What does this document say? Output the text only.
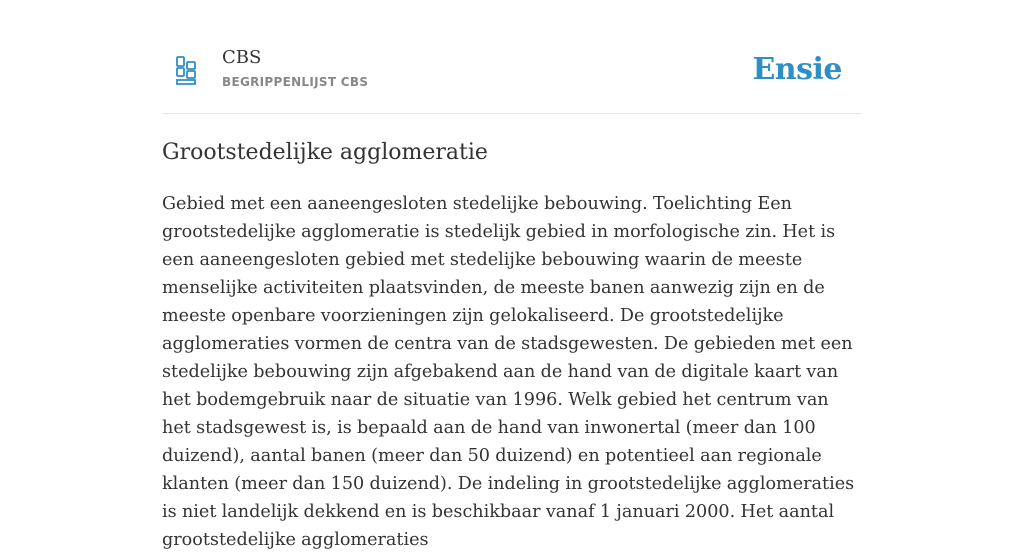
CBS
BEGRIPPENLIJST CBS	Ensie
Grootstedelijke agglomeratie

Gebied met een aaneengesloten stedelijke bebouwing. Toelichting Een grootstedelijke agglomeratie is stedelijk gebied in morfologische zin. Het is een aaneengesloten gebied met stedelijke bebouwing waarin de meeste menselijke activiteiten plaatsvinden, de meeste banen aanwezig zijn en de meeste openbare voorzieningen zijn gelokaliseerd. De grootstedelijke agglomeraties vormen de centra van de stadsgewesten. De gebieden met een stedelijke bebouwing zijn afgebakend aan de hand van de digitale kaart van het bodemgebruik naar de situatie van 1996. Welk gebied het centrum van het stadsgewest is, is bepaald aan de hand van inwonertal (meer dan 100 duizend), aantal banen (meer dan 50 duizend) en potentieel aan regionale klanten (meer dan 150 duizend). De indeling in grootstedelijke agglomeraties is niet landelijk dekkend en is beschikbaar vanaf 1 januari 2000. Het aantal grootstedelijke agglomeraties
